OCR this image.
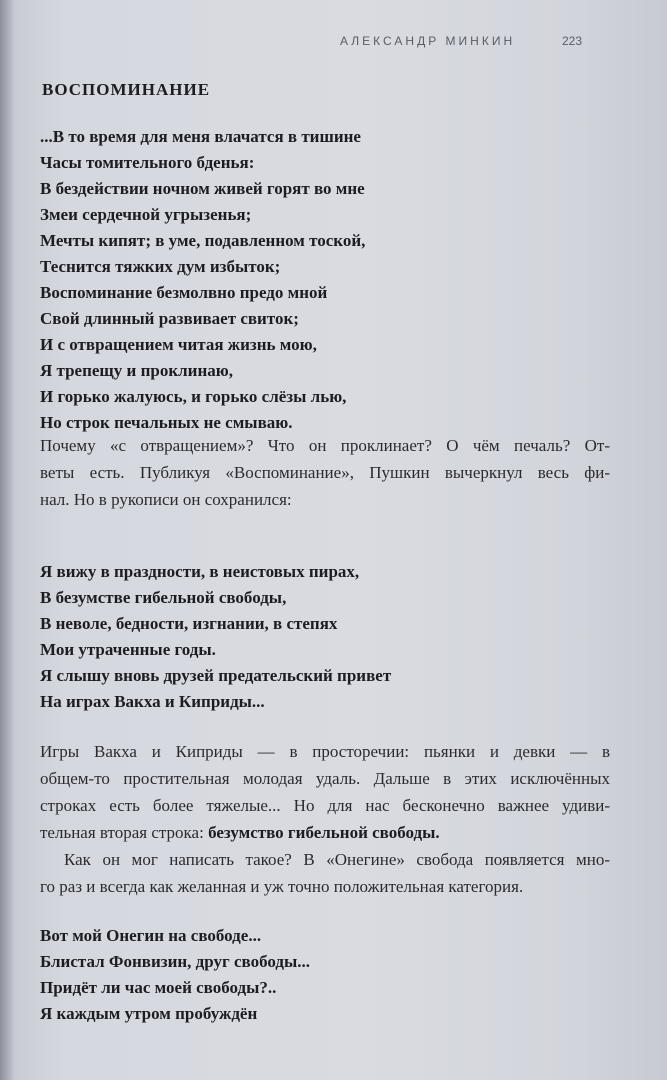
АЛЕКСАНДР МИНКИН	223
ВОСПОМИНАНИЕ
...В то время для меня влачатся в тишине
Часы томительного бденья:
В бездействии ночном живей горят во мне
Змеи сердечной угрызенья;
Мечты кипят; в уме, подавленном тоской,
Теснится тяжких дум избыток;
Воспоминание безмолвно предо мной
Свой длинный развивает свиток;
И с отвращением читая жизнь мою,
Я трепещу и проклинаю,
И горько жалуюсь, и горько слёзы лью,
Но строк печальных не смываю.
Почему «с отвращением»? Что он проклинает? О чём печаль? От-
веты есть. Публикуя «Воспоминание», Пушкин вычеркнул весь фи-
нал. Но в рукописи он сохранился:
Я вижу в праздности, в неистовых пирах,
В безумстве гибельной свободы,
В неволе, бедности, изгнании, в степях
Мои утраченные годы.
Я слышу вновь друзей предательский привет
На играх Вакха и Киприды...
Игры Вакха и Киприды — в просторечии: пьянки и девки — в
общем-то простительная молодая удаль. Дальше в этих исключённых
строках есть более тяжелые... Но для нас бесконечно важнее удиви-
тельная вторая строка: безумство гибельной свободы.
Как он мог написать такое? В «Онегине» свобода появляется мно-
го раз и всегда как желанная и уж точно положительная категория.
Вот мой Онегин на свободе...
Блистал Фонвизин, друг свободы...
Придёт ли час моей свободы?..
Я каждым утром пробуждён
